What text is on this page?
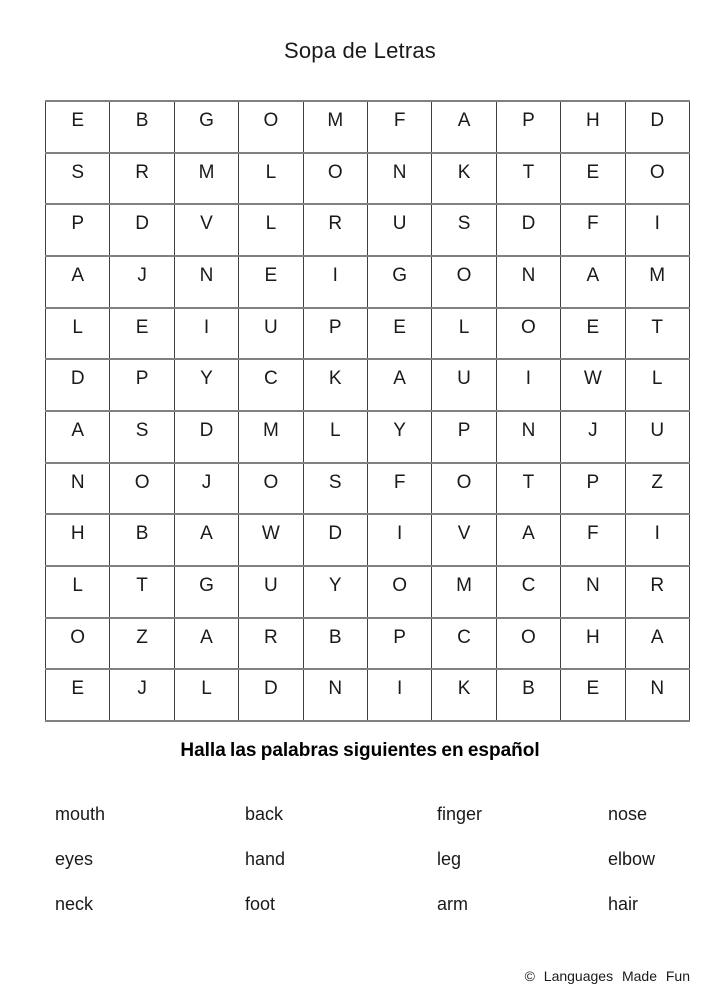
Sopa de Letras
E	B	G	O	M	F	A	P	H	D
S	R	M	L	O	N	K	T	E	O
P	D	V	L	R	U	S	D	F	I
A	J	N	E	I	G	O	N	A	M
L	E	I	U	P	E	L	O	E	T
D	P	Y	C	K	A	U	I	W	L
A	S	D	M	L	Y	P	N	J	U
N	O	J	O	S	F	O	T	P	Z
H	B	A	W	D	I	V	A	F	I
L	T	G	U	Y	O	M	C	N	R
O	Z	A	R	B	P	C	O	H	A
E	J	L	D	N	I	K	B	E	N
Halla las palabras siguientes en español
mouth	back	finger	nose
eyes	hand	leg	elbow
neck	foot	arm	hair
© Languages Made Fun
